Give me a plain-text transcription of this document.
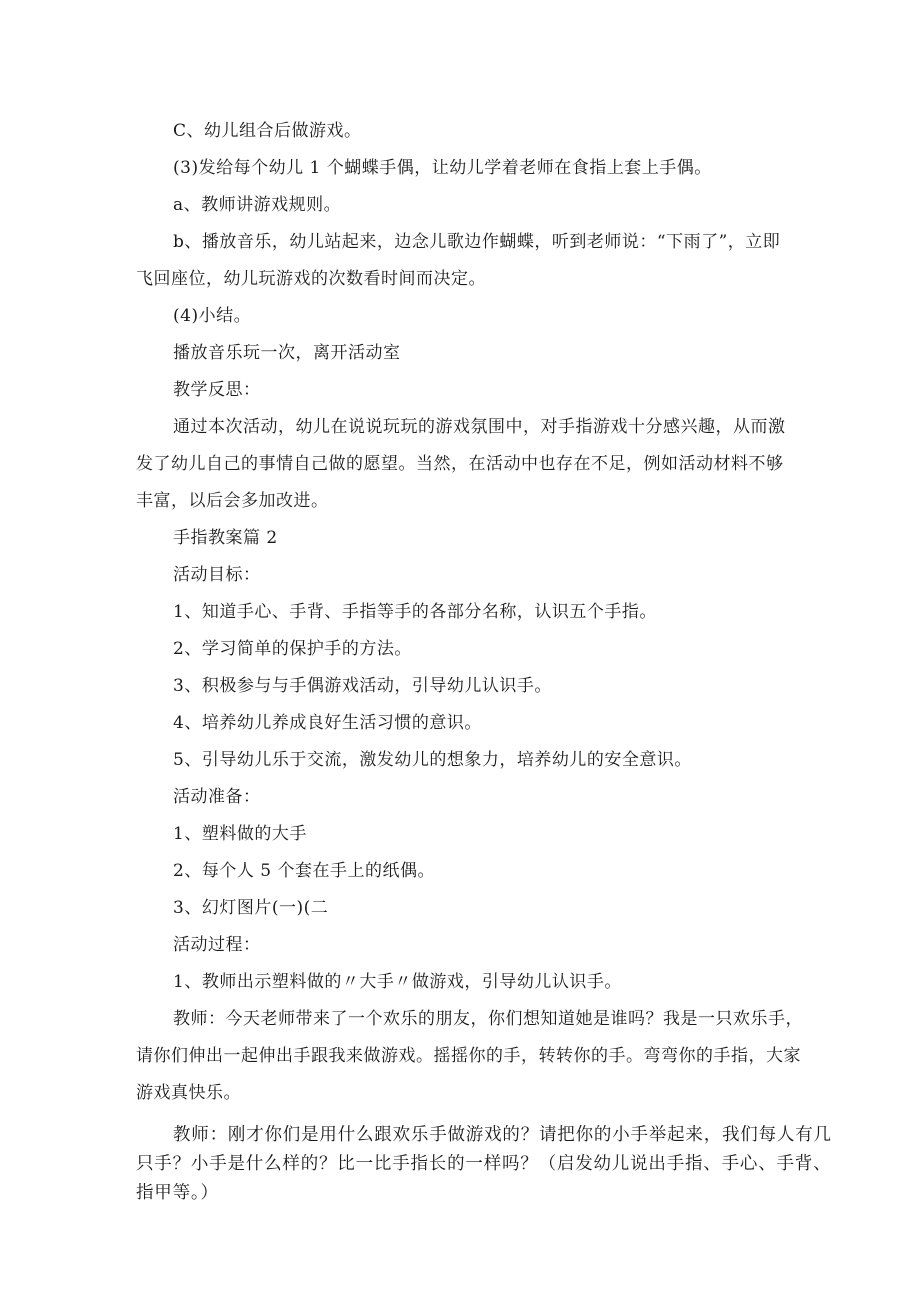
C、幼儿组合后做游戏。
(3)发给每个幼儿 1 个蝴蝶手偶，让幼儿学着老师在食指上套上手偶。
a、教师讲游戏规则。
b、播放音乐，幼儿站起来，边念儿歌边作蝴蝶，听到老师说：“下雨了”，立即
飞回座位，幼儿玩游戏的次数看时间而决定。
(4)小结。
播放音乐玩一次，离开活动室
教学反思：
通过本次活动，幼儿在说说玩玩的游戏氛围中，对手指游戏十分感兴趣，从而激
发了幼儿自己的事情自己做的愿望。当然，在活动中也存在不足，例如活动材料不够
丰富，以后会多加改进。
手指教案篇 2
活动目标：
1、知道手心、手背、手指等手的各部分名称，认识五个手指。
2、学习简单的保护手的方法。
3、积极参与与手偶游戏活动，引导幼儿认识手。
4、培养幼儿养成良好生活习惯的意识。
5、引导幼儿乐于交流，激发幼儿的想象力，培养幼儿的安全意识。
活动准备：
1、塑料做的大手
2、每个人 5 个套在手上的纸偶。
3、幻灯图片(一)(二
活动过程：
1、教师出示塑料做的〃大手〃做游戏，引导幼儿认识手。
教师：今天老师带来了一个欢乐的朋友，你们想知道她是谁吗？我是一只欢乐手，
请你们伸出一起伸出手跟我来做游戏。摇摇你的手，转转你的手。弯弯你的手指，大家
游戏真快乐。
教师：刚才你们是用什么跟欢乐手做游戏的？请把你的小手举起来，我们每人有几
只手？小手是什么样的？比一比手指长的一样吗？（启发幼儿说出手指、手心、手背、
指甲等。）
